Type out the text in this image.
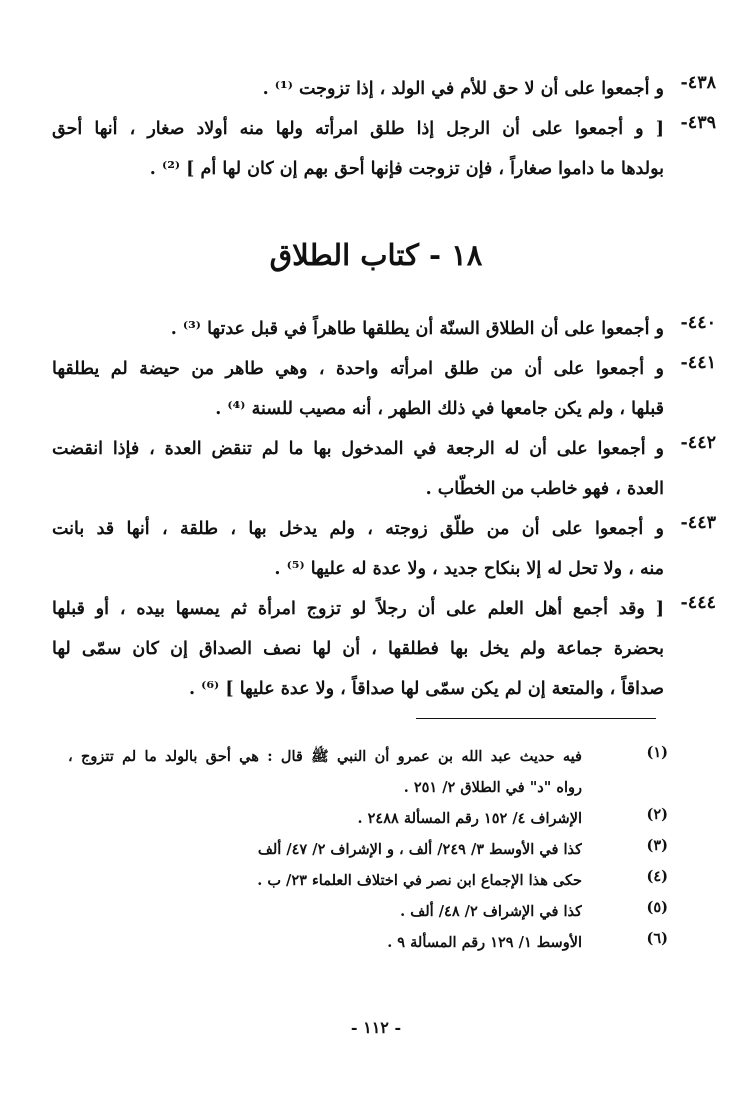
٤٣٨-
و أجمعوا على أن لا حق للأم في الولد ، إذا تزوجت ⁽¹⁾ .
٤٣٩-
[ و أجمعوا على أن الرجل إذا طلق امرأته ولها منه أولاد صغار ، أنها أحق
بولدها ما داموا صغاراً ، فإن تزوجت فإنها أحق بهم إن كان لها أم ] ⁽²⁾ .
١٨ - كتاب الطلاق
٤٤٠-
و أجمعوا على أن الطلاق السنّة أن يطلقها طاهراً في قبل عدتها ⁽³⁾ .
٤٤١-
و أجمعوا على أن من طلق امرأته واحدة ، وهي طاهر من حيضة لم يطلقها
قبلها ، ولم يكن جامعها في ذلك الطهر ، أنه مصيب للسنة ⁽⁴⁾ .
٤٤٢-
و أجمعوا على أن له الرجعة في المدخول بها ما لم تنقض العدة ، فإذا انقضت
العدة ، فهو خاطب من الخطّاب .
٤٤٣-
و أجمعوا على أن من طلّق زوجته ، ولم يدخل بها ، طلقة ، أنها قد بانت
منه ، ولا تحل له إلا بنكاح جديد ، ولا عدة له عليها ⁽⁵⁾ .
٤٤٤-
[ وقد أجمع أهل العلم على أن رجلاً لو تزوج امرأة ثم يمسها بيده ، أو قبلها
بحضرة جماعة ولم يخل بها فطلقها ، أن لها نصف الصداق إن كان سمّى لها
صداقاً ، والمتعة إن لم يكن سمّى لها صداقاً ، ولا عدة عليها ] ⁽⁶⁾ .
(١)
فيه حديث عبد الله بن عمرو أن النبي ﷺ قال : هي أحق بالولد ما لم تتزوج ،
رواه "د" في الطلاق ٢/ ٢٥١ .
(٢)
الإشراف ٤/ ١٥٢ رقم المسألة ٢٤٨٨ .
(٣)
كذا في الأوسط ٣/ ٢٤٩/ ألف ، و الإشراف ٢/ ٤٧/ ألف
(٤)
حكى هذا الإجماع ابن نصر في اختلاف العلماء ٢٣/ ب .
(٥)
كذا في الإشراف ٢/ ٤٨/ ألف .
(٦)
الأوسط ١/ ١٢٩ رقم المسألة ٩ .
- ١١٢ -
